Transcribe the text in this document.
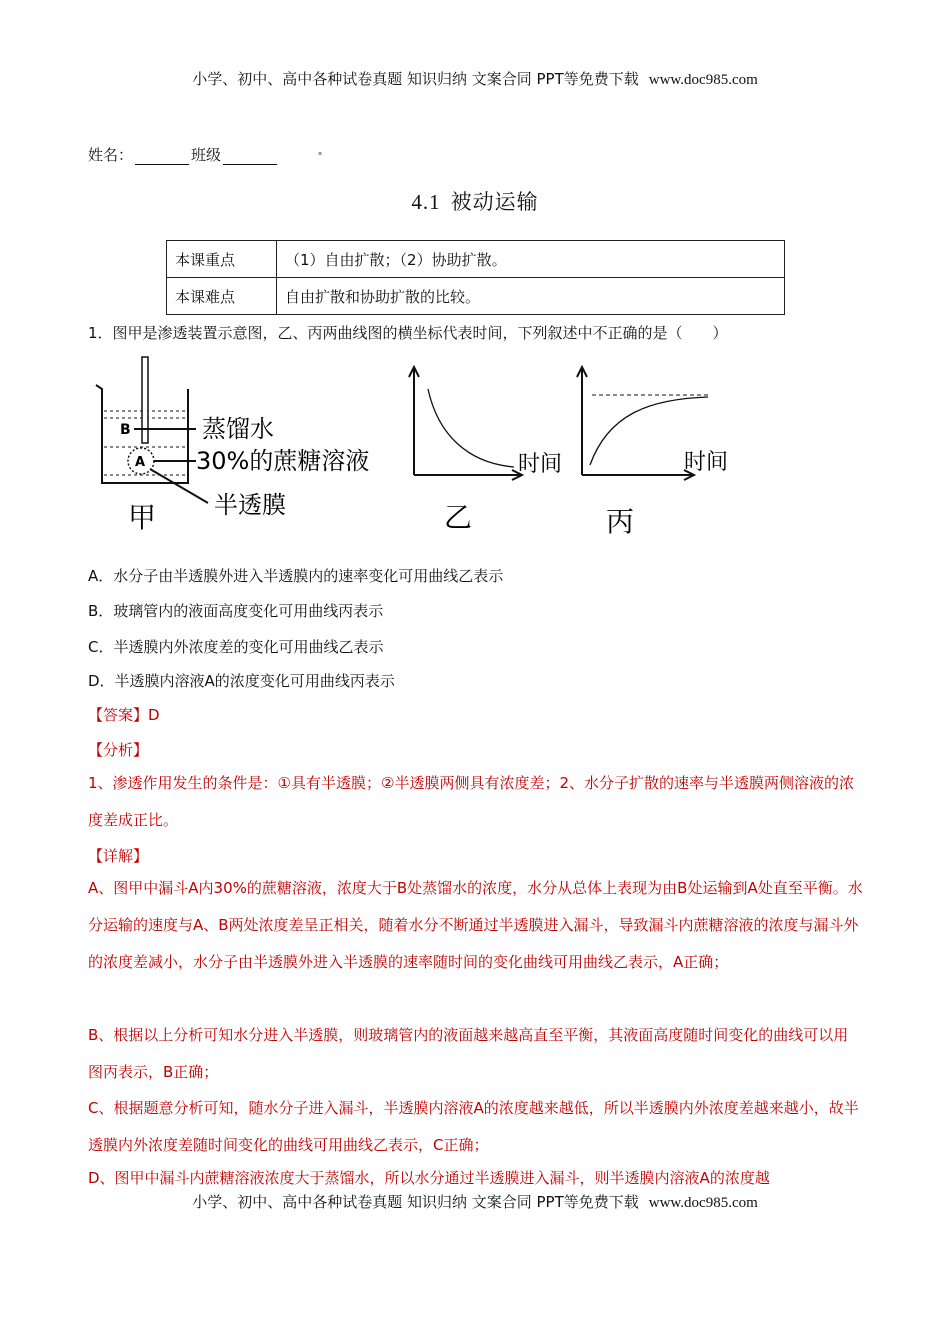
小学、初中、高中各种试卷真题 知识归纳 文案合同 PPT等免费下载 www.doc985.com
姓名：	班级	▪
4.1 被动运输
本课重点	（1）自由扩散；（2）协助扩散。
本课难点	自由扩散和协助扩散的比较。
1．图甲是渗透装置示意图，乙、丙两曲线图的横坐标代表时间，下列叙述中不正确的是（　　）
B
A
蒸馏水
30%的蔗糖溶液
半透膜
甲
时间
乙
时间
丙
A．水分子由半透膜外进入半透膜内的速率变化可用曲线乙表示
B．玻璃管内的液面高度变化可用曲线丙表示
C．半透膜内外浓度差的变化可用曲线乙表示
D．半透膜内溶液A的浓度变化可用曲线丙表示
【答案】D
【分析】
1、渗透作用发生的条件是：①具有半透膜；②半透膜两侧具有浓度差；2、水分子扩散的速率与半透膜两侧溶液的浓度差成正比。
【详解】
A、图甲中漏斗A内30%的蔗糖溶液，浓度大于B处蒸馏水的浓度，水分从总体上表现为由B处运输到A处直至平衡。水分运输的速度与A、B两处浓度差呈正相关，随着水分不断通过半透膜进入漏斗，导致漏斗内蔗糖溶液的浓度与漏斗外的浓度差减小，水分子由半透膜外进入半透膜的速率随时间的变化曲线可用曲线乙表示，A正确；
B、根据以上分析可知水分进入半透膜，则玻璃管内的液面越来越高直至平衡，其液面高度随时间变化的曲线可以用图丙表示，B正确；
C、根据题意分析可知，随水分子进入漏斗，半透膜内溶液A的浓度越来越低，所以半透膜内外浓度差越来越小，故半透膜内外浓度差随时间变化的曲线可用曲线乙表示，C正确；
D、图甲中漏斗内蔗糖溶液浓度大于蒸馏水，所以水分通过半透膜进入漏斗，则半透膜内溶液A的浓度越
小学、初中、高中各种试卷真题 知识归纳 文案合同 PPT等免费下载 www.doc985.com
